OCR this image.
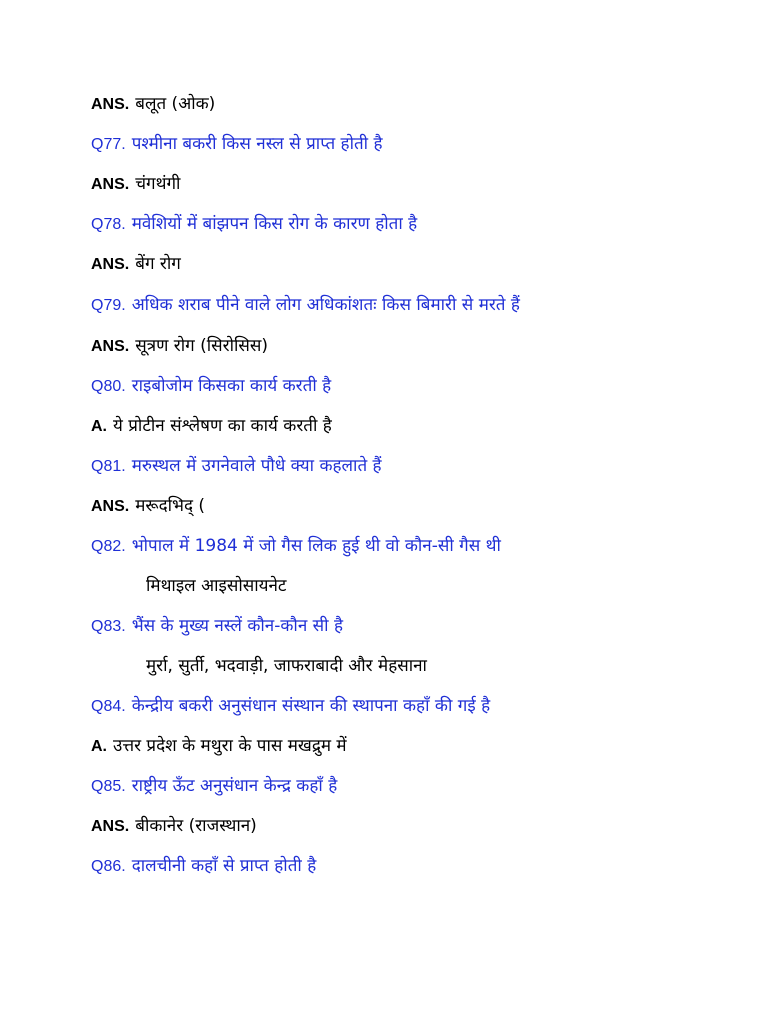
ANS. बलूत (ओक)
Q77. पश्मीना बकरी किस नस्ल से प्राप्त होती है
ANS. चंगथंगी
Q78. मवेशियों में बांझपन किस रोग के कारण होता है
ANS. बेंग रोग
Q79. अधिक शराब पीने वाले लोग अधिकांशतः किस बिमारी से मरते हैं
ANS. सूत्रण रोग (सिरोसिस)
Q80. राइबोजोम किसका कार्य करती है
A. ये प्रोटीन संश्लेषण का कार्य करती है
Q81. मरुस्थल में उगनेवाले पौधे क्या कहलाते हैं
ANS. मरूदभिद् (
Q82. भोपाल में 1984 में जो गैस लिक हुई थी वो कौन-सी गैस थी
मिथाइल आइसोसायनेट
Q83. भैंस के मुख्य नस्लें कौन-कौन सी है
मुर्रा, सुर्ती, भदवाड़ी, जाफराबादी और मेहसाना
Q84. केन्द्रीय बकरी अनुसंधान संस्थान की स्थापना कहाँ की गई है
A. उत्तर प्रदेश के मथुरा के पास मखद्रुम में
Q85. राष्ट्रीय ऊँट अनुसंधान केन्द्र कहाँ है
ANS. बीकानेर (राजस्थान)
Q86. दालचीनी कहाँ से प्राप्त होती है
